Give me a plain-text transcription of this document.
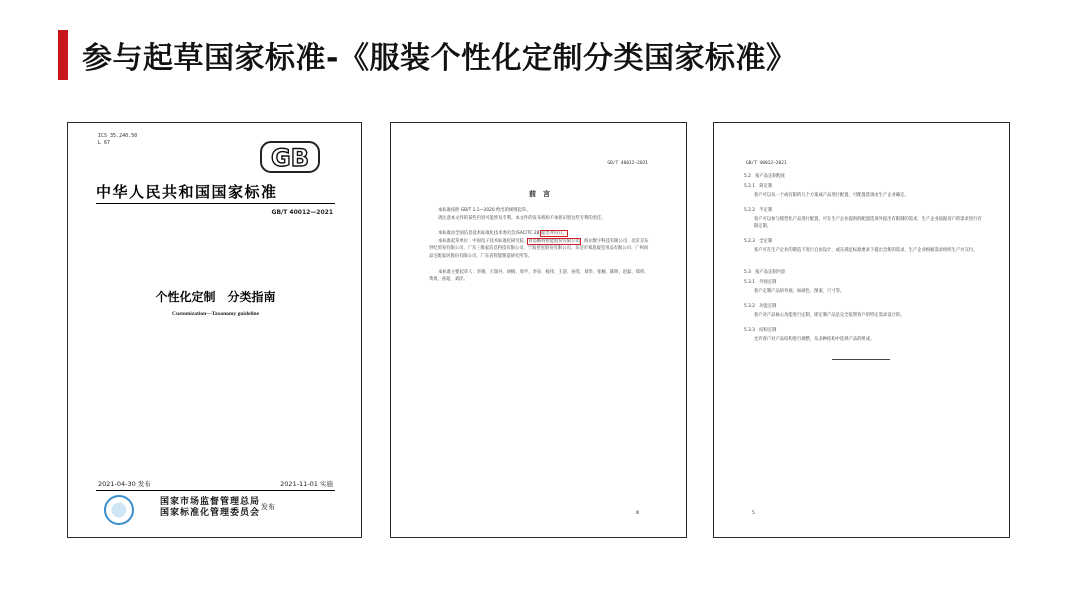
参与起草国家标准-《服装个性化定制分类国家标准》
ICS 35.240.50
L 67
GB
中华人民共和国国家标准
GB/T 40012—2021
个性化定制　分类指南
Customization—Taxonomy guideline
2021-04-30 发布	2021-11-01 实施
国家市场监督管理总局
国家标准化管理委员会
发布
GB/T 40012—2021
前　言

本标准按照 GB/T 1.1—2020 给出的规则起草。

请注意本文件的某些内容可能涉及专利。本文件的发布机构不承担识别这些专利的责任。

本标准由全国信息技术标准化技术委员会(SAC/TC 28)提出并归口。

本标准起草单位：中国电子技术标准化研究院、青岛酷特智能股份有限公司、海尔数字科技有限公司、北京京东世纪贸易有限公司、广东三维家信息科技有限公司、宁波慈星股份有限公司、东莞市慕思寝室用品有限公司、广州尚品宅配家居股份有限公司、广东省智能制造研究所等。

本标准主要起草人：李晓、王瑞丹、胡梅、周平、李泉、杨伟、王迎、孙雯、刘华、张楠、陈明、赵磊、郑伟、黄勇、孙超、刘洋。

Ⅲ
GB/T 40012—2021

5.2　按产品定制程度

5.2.1　简定制

客户可以从一个或有限的几个方案或产品进行配置，可配置选项由生产企业确定。

5.2.2　半定制

客户可以参与模型化产品进行配置，可在生产企业提供的配置选项外提出有限制的需求，生产企业依据客户的需求进行有限定制。

5.2.3　全定制

客户可在生产企业的制造下进行自由设计，或在满足标准要求下提出全新的需求，生产企业根据需求组织生产并交付。

5.3　按产品定制内容

5.3.1　外观定制

客户定制产品的外观，如颜色、图案、尺寸等。

5.3.2　功能定制

客户对产品核心功能进行定制，即定制产品是完全依照客户的特定需求设计的。

5.3.3　结构定制

允许客户对产品结构进行调整，从多种结构中选择产品的组成。

5
